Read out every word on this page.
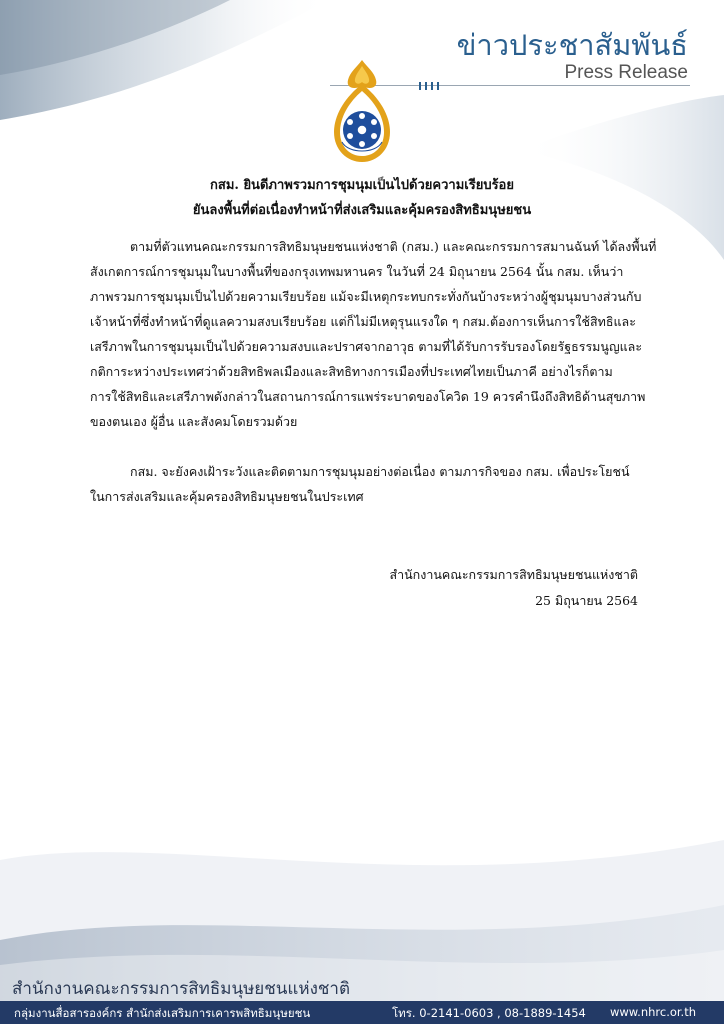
ข่าวประชาสัมพันธ์
Press Release
กสม. ยินดีภาพรวมการชุมนุมเป็นไปด้วยความเรียบร้อย
ยันลงพื้นที่ต่อเนื่องทำหน้าที่ส่งเสริมและคุ้มครองสิทธิมนุษยชน
ตามที่ตัวแทนคณะกรรมการสิทธิมนุษยชนแห่งชาติ (กสม.) และคณะกรรมการสมานฉันท์ ได้ลงพื้นที่
สังเกตการณ์การชุมนุมในบางพื้นที่ของกรุงเทพมหานคร ในวันที่ 24 มิถุนายน 2564 นั้น กสม. เห็นว่า
ภาพรวมการชุมนุมเป็นไปด้วยความเรียบร้อย แม้จะมีเหตุกระทบกระทั่งกันบ้างระหว่างผู้ชุมนุมบางส่วนกับ
เจ้าหน้าที่ซึ่งทำหน้าที่ดูแลความสงบเรียบร้อย แต่ก็ไม่มีเหตุรุนแรงใด ๆ กสม.ต้องการเห็นการใช้สิทธิและ
เสรีภาพในการชุมนุมเป็นไปด้วยความสงบและปราศจากอาวุธ ตามที่ได้รับการรับรองโดยรัฐธรรมนูญและ
กติการะหว่างประเทศว่าด้วยสิทธิพลเมืองและสิทธิทางการเมืองที่ประเทศไทยเป็นภาคี อย่างไรก็ตาม
การใช้สิทธิและเสรีภาพดังกล่าวในสถานการณ์การแพร่ระบาดของโควิด 19 ควรคำนึงถึงสิทธิด้านสุขภาพ
ของตนเอง ผู้อื่น และสังคมโดยรวมด้วย
กสม. จะยังคงเฝ้าระวังและติดตามการชุมนุมอย่างต่อเนื่อง ตามภารกิจของ กสม. เพื่อประโยชน์
ในการส่งเสริมและคุ้มครองสิทธิมนุษยชนในประเทศ
สำนักงานคณะกรรมการสิทธิมนุษยชนแห่งชาติ
25 มิถุนายน 2564
สำนักงานคณะกรรมการสิทธิมนุษยชนแห่งชาติ
กลุ่มงานสื่อสารองค์กร สำนักส่งเสริมการเคารพสิทธิมนุษยชน	โทร. 0-2141-0603 , 08-1889-1454 www.nhrc.or.th
